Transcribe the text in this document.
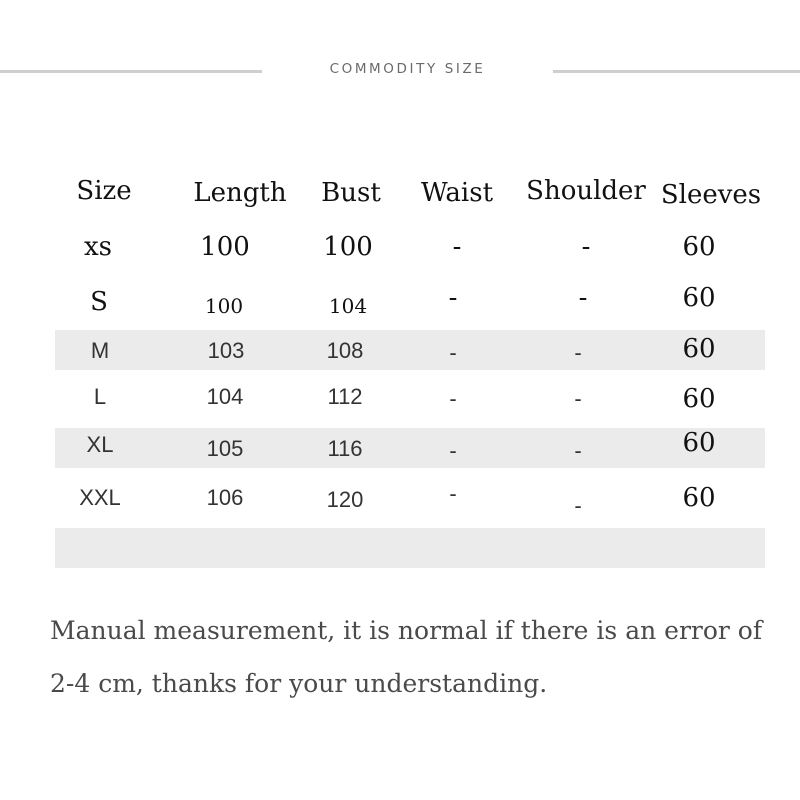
COMMODITY SIZE
Size Length Bust Waist Shoulder Sleeves
xs	100	100	-	-	60
S	100	104	-	-	60
M	103	108	-	-	60
L	104	112	-	-	60
XL	105	116	-	-	60
XXL	106	120	-	-	60
Manual measurement, it is normal if there is an error of 2-4 cm, thanks for your understanding.
